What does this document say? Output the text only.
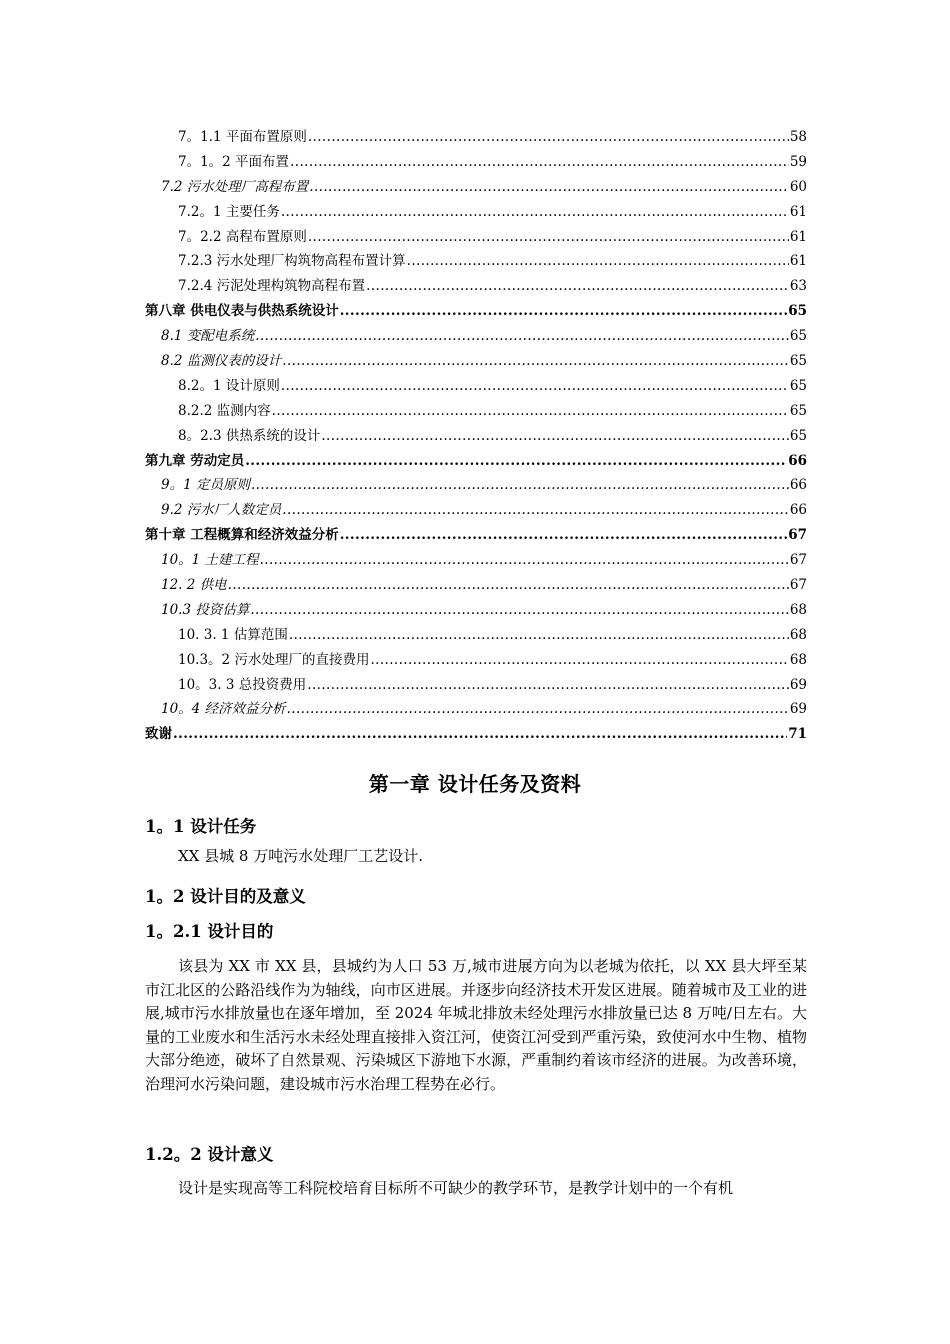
7。1.1 平面布置原则 .....	58
7。1。2 平面布置 .....	59
7.2 污水处理厂高程布置 .....	60
7.2。1 主要任务 .....	61
7。2.2 高程布置原则 .....	61
7.2.3 污水处理厂构筑物高程布置计算 .....	61
7.2.4 污泥处理构筑物高程布置 .....	63
第八章 供电仪表与供热系统设计 .....	65
8.1 变配电系统 .....	65
8.2 监测仪表的设计 .....	65
8.2。1 设计原则 .....	65
8.2.2 监测内容 .....	65
8。2.3 供热系统的设计 .....	65
第九章 劳动定员 .....	66
9。1 定员原则 .....	66
9.2 污水厂人数定员 .....	66
第十章 工程概算和经济效益分析 .....	67
10。1 土建工程 .....	67
12. 2 供电 .....	67
10.3 投资估算 .....	68
10. 3. 1 估算范围 .....	68
10.3。2 污水处理厂的直接费用 .....	68
10。3. 3 总投资费用 .....	69
10。4 经济效益分析 .....	69
致谢 .....	71
第一章 设计任务及资料
1。1 设计任务
XX 县城 8 万吨污水处理厂工艺设计.
1。2 设计目的及意义
1。2.1 设计目的
该县为 XX 市 XX 县，县城约为人口 53 万,城市进展方向为以老城为依托，以 XX 县大坪至某市江北区的公路沿线作为为轴线，向市区进展。并逐步向经济技术开发区进展。随着城市及工业的进展,城市污水排放量也在逐年增加，至 2024 年城北排放未经处理污水排放量已达 8 万吨/日左右。大量的工业废水和生活污水未经处理直接排入资江河，使资江河受到严重污染，致使河水中生物、植物大部分绝迹，破坏了自然景观、污染城区下游地下水源，严重制约着该市经济的进展。为改善环境，治理河水污染问题，建设城市污水治理工程势在必行。
1.2。2 设计意义
设计是实现高等工科院校培育目标所不可缺少的教学环节，是教学计划中的一个有机
